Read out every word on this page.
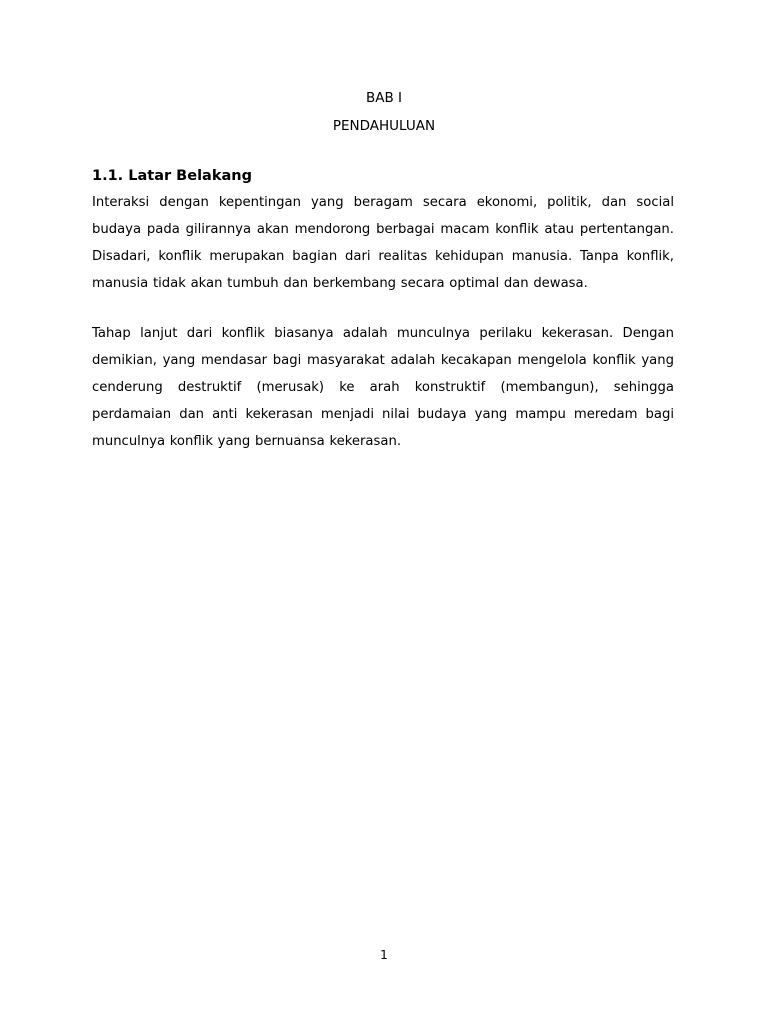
BAB I
PENDAHULUAN
1.1. Latar Belakang
Interaksi dengan kepentingan yang beragam secara ekonomi, politik, dan social budaya pada gilirannya akan mendorong berbagai macam konflik atau pertentangan. Disadari, konflik merupakan bagian dari realitas kehidupan manusia. Tanpa konflik, manusia tidak akan tumbuh dan berkembang secara optimal dan dewasa.
Tahap lanjut dari konflik biasanya adalah munculnya perilaku kekerasan. Dengan demikian, yang mendasar bagi masyarakat adalah kecakapan mengelola konflik yang cenderung destruktif (merusak) ke arah konstruktif (membangun), sehingga perdamaian dan anti kekerasan menjadi nilai budaya yang mampu meredam bagi munculnya konflik yang bernuansa kekerasan.
1
